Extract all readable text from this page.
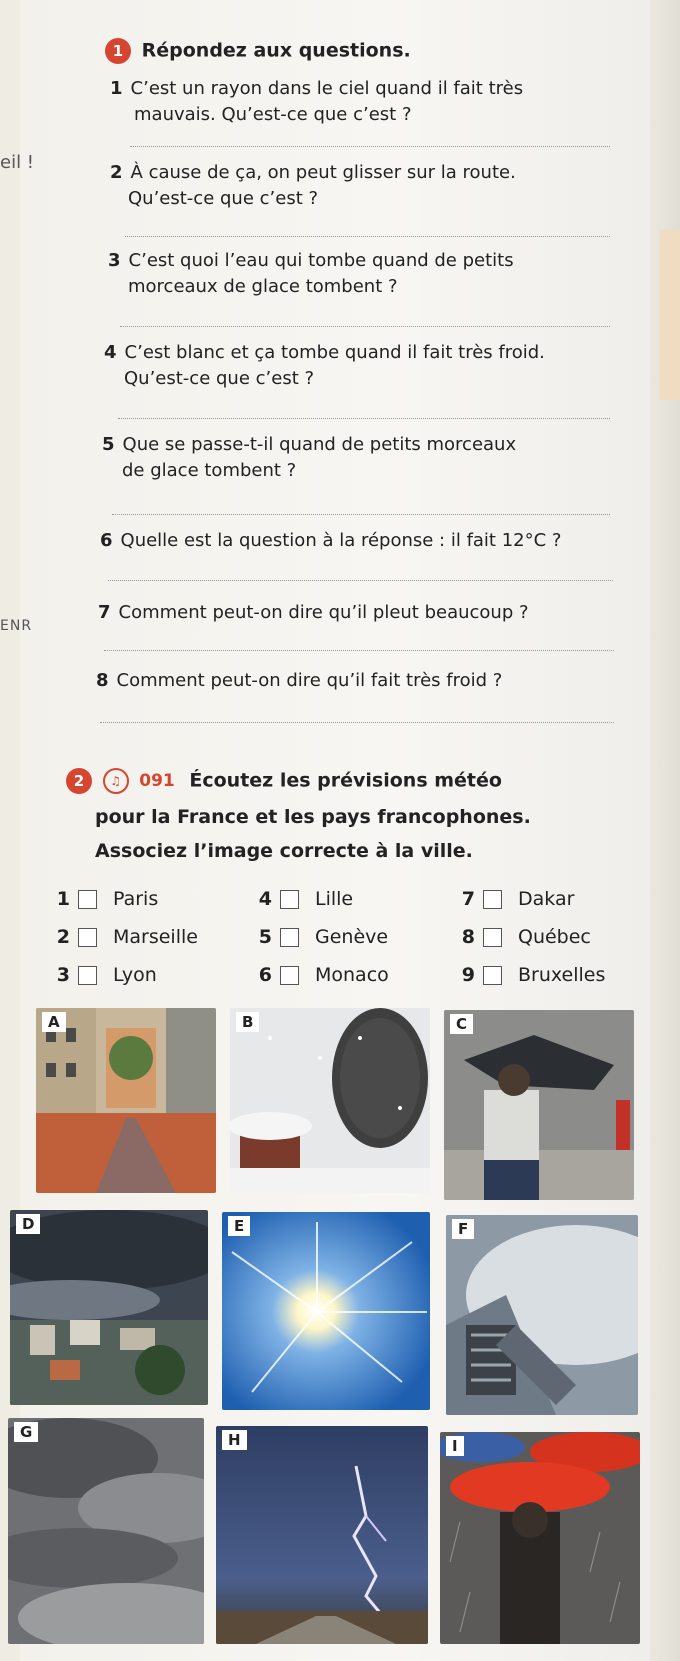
eil !
ENR
1 Répondez aux questions.
1 C’est un rayon dans le ciel quand il fait très
mauvais. Qu’est-ce que c’est ?
2 À cause de ça, on peut glisser sur la route.
Qu’est-ce que c’est ?
3 C’est quoi l’eau qui tombe quand de petits
morceaux de glace tombent ?
4 C’est blanc et ça tombe quand il fait très froid.
Qu’est-ce que c’est ?
5 Que se passe-t-il quand de petits morceaux
de glace tombent ?
6 Quelle est la question à la réponse : il fait 12°C ?
7 Comment peut-on dire qu’il pleut beaucoup ?
8 Comment peut-on dire qu’il fait très froid ?
2 ♫ 091 Écoutez les prévisions météo
pour la France et les pays francophones.
Associez l’image correcte à la ville.
1 Paris	4 Lille	7 Dakar
2 Marseille	5 Genève	8 Québec
3 Lyon	6 Monaco	9 Bruxelles
A	B	C
D	E	F
G	H	I
